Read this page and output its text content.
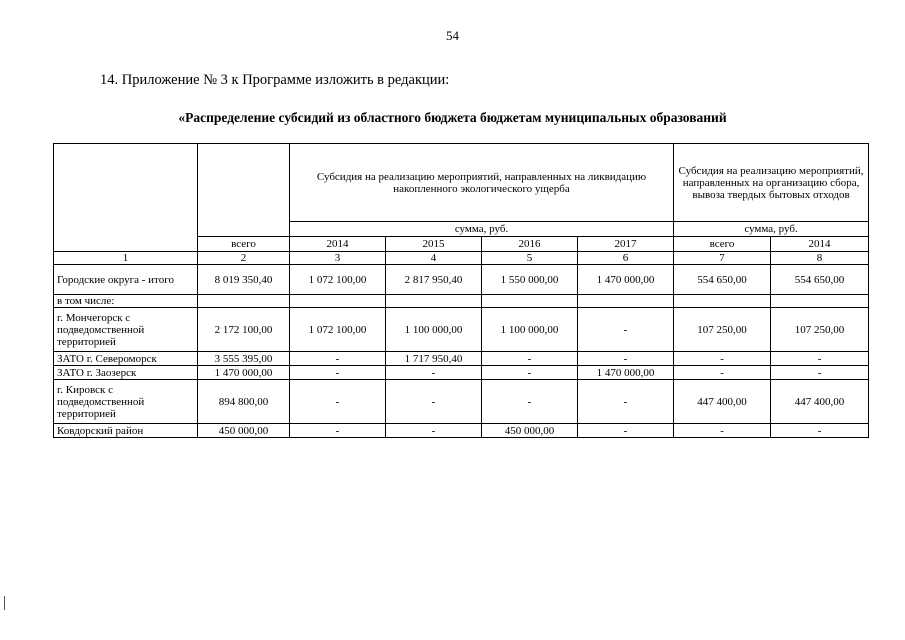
54
14. Приложение № 3 к Программе изложить в редакции:
«Распределение субсидий из областного бюджета бюджетам муниципальных образований
		Субсидия на реализацию мероприятий, направленных на ликвидацию накопленного экологического ущерба				Субсидия на реализацию мероприятий, направленных на организацию сбора, вывоза твердых бытовых отходов	
		сумма, руб.				сумма, руб.	
	всего	2014	2015	2016	2017	всего	2014
1	2	3	4	5	6	7	8
Городские округа - итого	8 019 350,40	1 072 100,00	2 817 950,40	1 550 000,00	1 470 000,00	554 650,00	554 650,00
в том числе:							
г. Мончегорск с подведомственной территорией	2 172 100,00	1 072 100,00	1 100 000,00	1 100 000,00	-	107 250,00	107 250,00
ЗАТО г. Североморск	3 555 395,00	-	1 717 950,40	-	-	-	-
ЗАТО г. Заозерск	1 470 000,00	-	-	-	1 470 000,00	-	-
г. Кировск с подведомственной территорией	894 800,00	-	-	-	-	447 400,00	447 400,00
Ковдорский район	450 000,00	-	-	450 000,00	-	-	-
